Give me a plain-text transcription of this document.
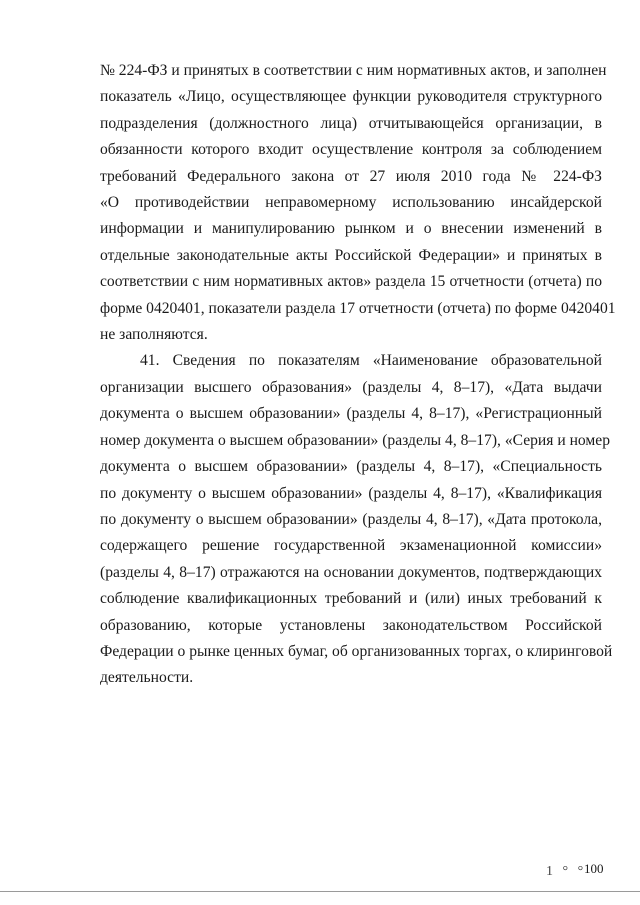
№ 224-ФЗ и принятых в соответствии с ним нормативных актов, и заполнен
показатель «Лицо, осуществляющее функции руководителя структурного
подразделения (должностного лица) отчитывающейся организации, в
обязанности которого входит осуществление контроля за соблюдением
требований Федерального закона от 27 июля 2010 года № 224-ФЗ
«О противодействии неправомерному использованию инсайдерской
информации и манипулированию рынком и о внесении изменений в
отдельные законодательные акты Российской Федерации» и принятых в
соответствии с ним нормативных актов» раздела 15 отчетности (отчета) по
форме 0420401, показатели раздела 17 отчетности (отчета) по форме 0420401
не заполняются.
41. Сведения по показателям «Наименование образовательной
организации высшего образования» (разделы 4, 8–17), «Дата выдачи
документа о высшем образовании» (разделы 4, 8–17), «Регистрационный
номер документа о высшем образовании» (разделы 4, 8–17), «Серия и номер
документа о высшем образовании» (разделы 4, 8–17), «Специальность
по документу о высшем образовании» (разделы 4, 8–17), «Квалификация
по документу о высшем образовании» (разделы 4, 8–17), «Дата протокола,
содержащего решение государственной экзаменационной комиссии»
(разделы 4, 8–17) отражаются на основании документов, подтверждающих
соблюдение квалификационных требований и (или) иных требований к
образованию, которые установлены законодательством Российской
Федерации о рынке ценных бумаг, об организованных торгах, о клиринговой
деятельности.
1 ° °
100
